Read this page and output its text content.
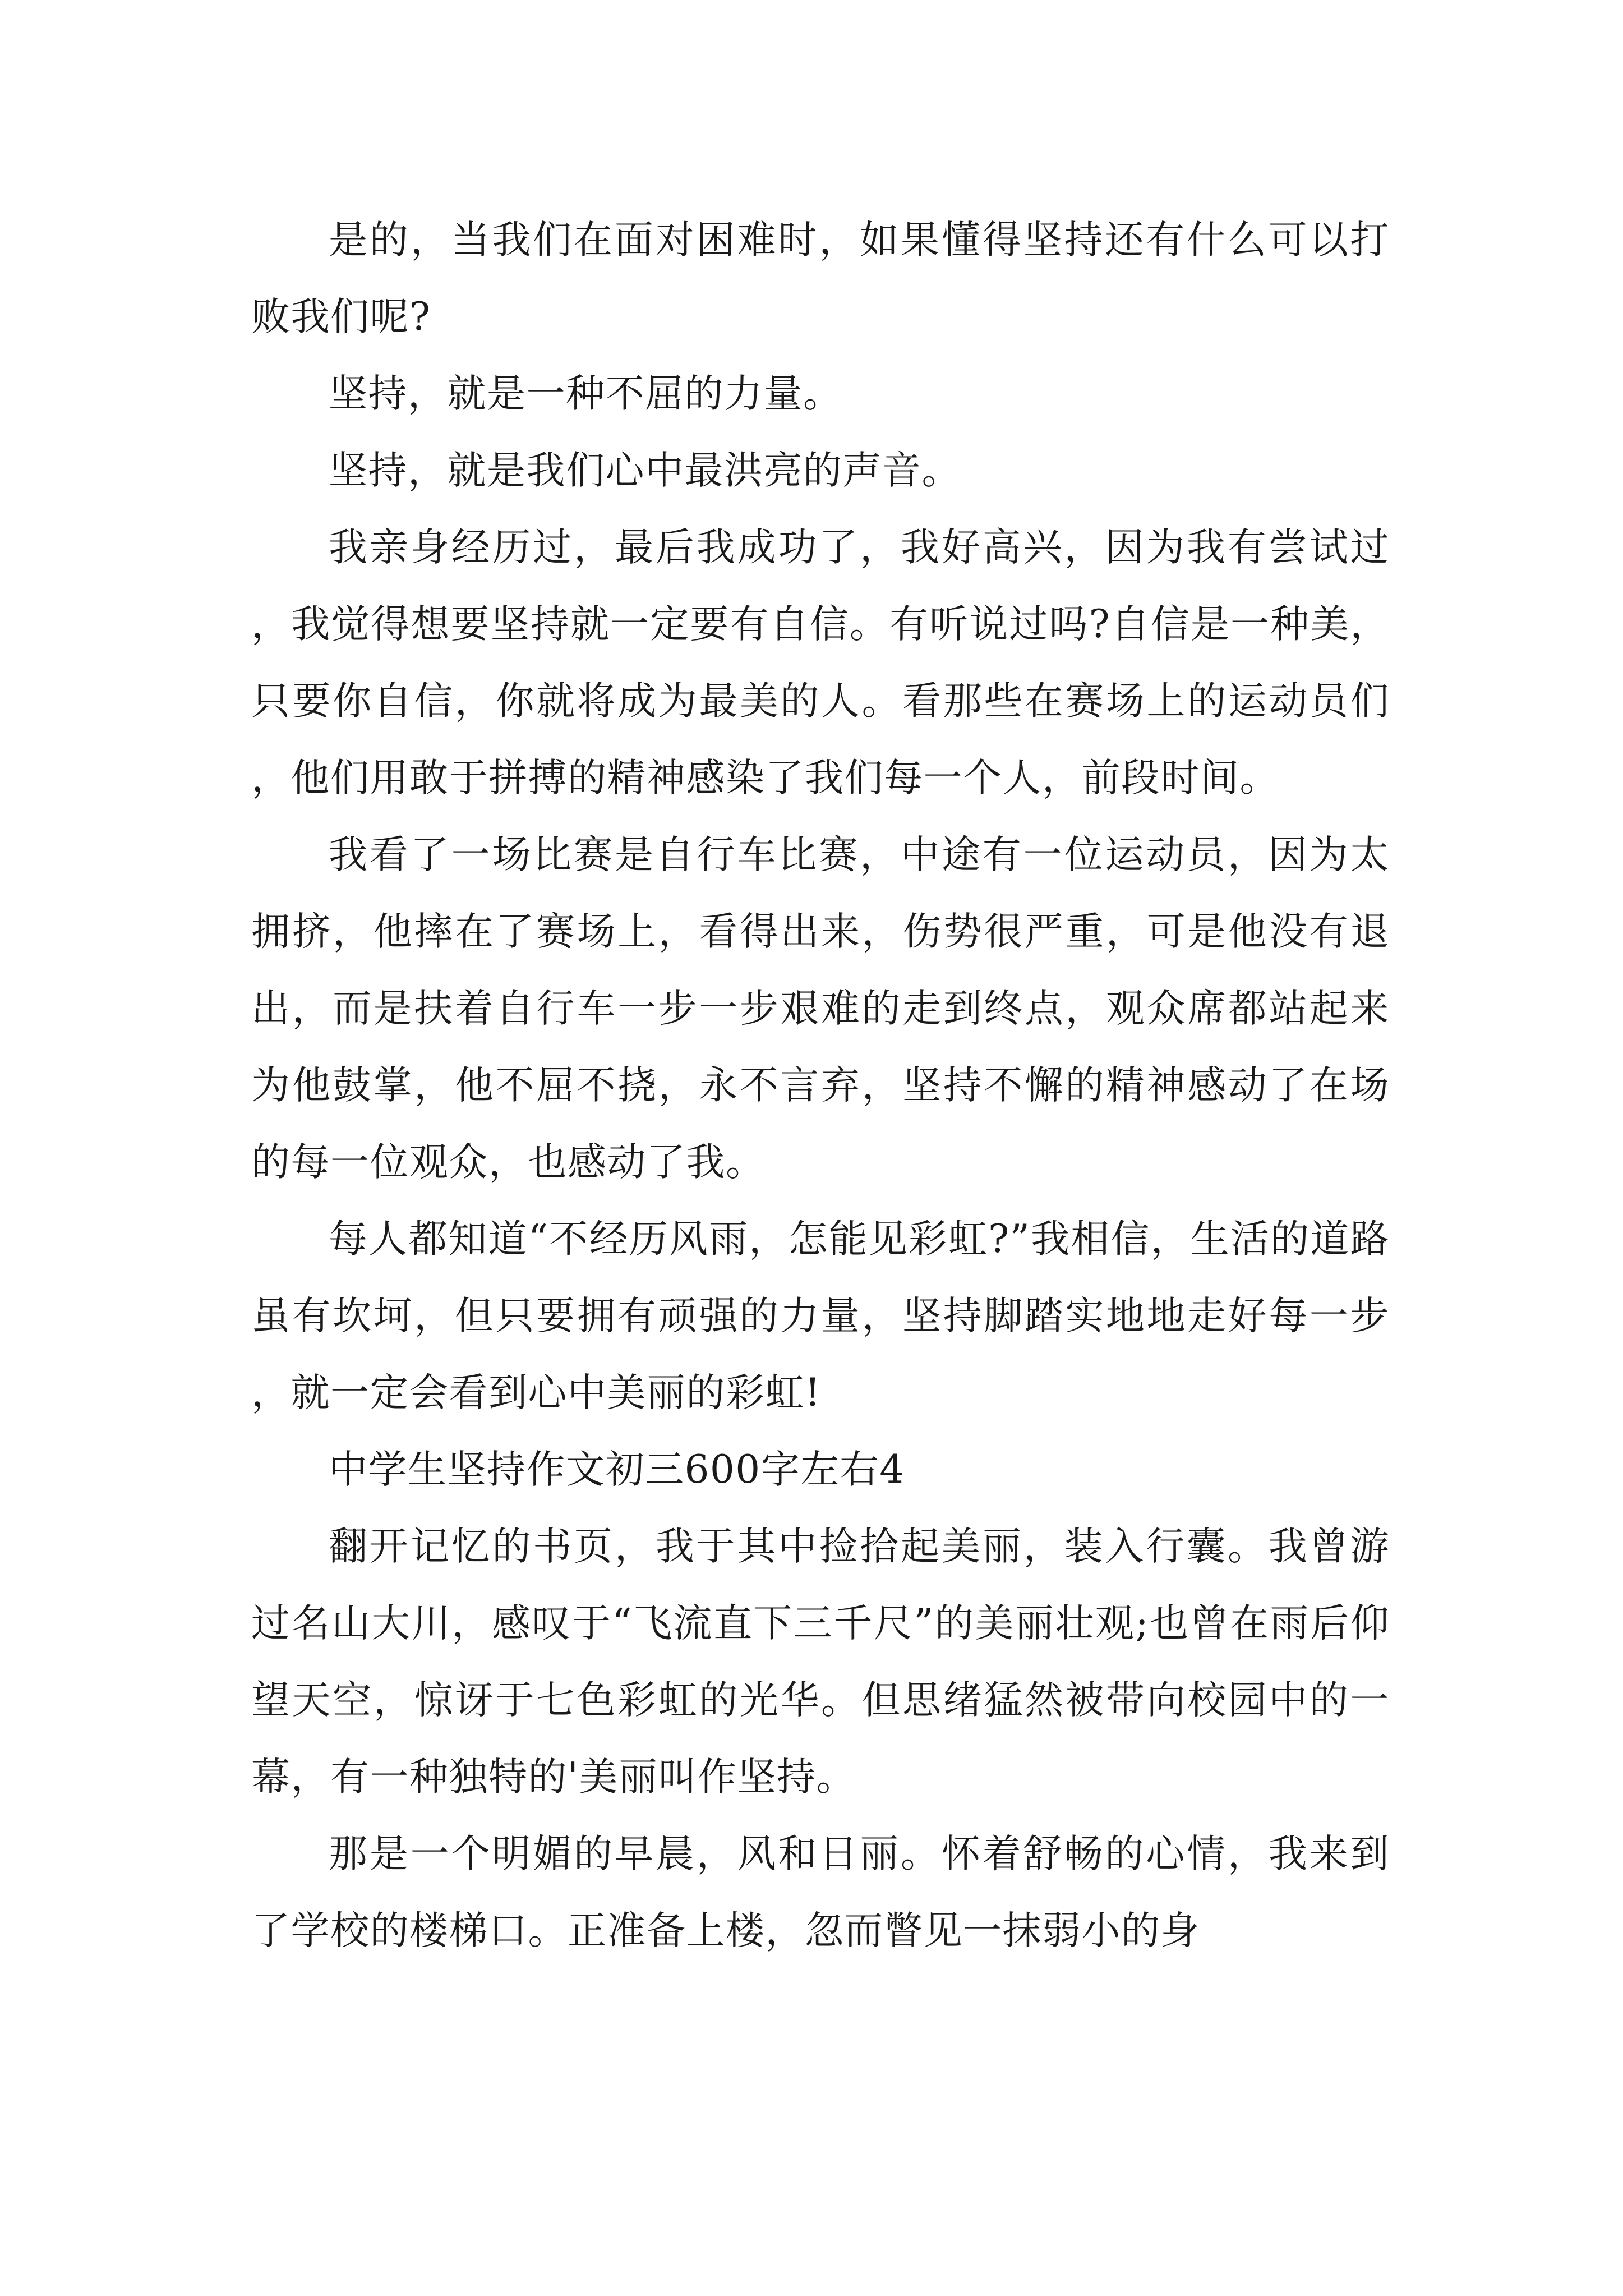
是的，当我们在面对困难时，如果懂得坚持还有什么可以打败我们呢?

坚持，就是一种不屈的力量。

坚持，就是我们心中最洪亮的声音。

我亲身经历过，最后我成功了，我好高兴，因为我有尝试过，我觉得想要坚持就一定要有自信。有听说过吗?自信是一种美，只要你自信，你就将成为最美的人。看那些在赛场上的运动员们，他们用敢于拼搏的精神感染了我们每一个人，前段时间。

我看了一场比赛是自行车比赛，中途有一位运动员，因为太拥挤，他摔在了赛场上，看得出来，伤势很严重，可是他没有退出，而是扶着自行车一步一步艰难的走到终点，观众席都站起来为他鼓掌，他不屈不挠，永不言弃，坚持不懈的精神感动了在场的每一位观众，也感动了我。

每人都知道“不经历风雨，怎能见彩虹?”我相信，生活的道路虽有坎坷，但只要拥有顽强的力量，坚持脚踏实地地走好每一步，就一定会看到心中美丽的彩虹!

中学生坚持作文初三600字左右4

翻开记忆的书页，我于其中捡拾起美丽，装入行囊。我曾游过名山大川，感叹于“飞流直下三千尺”的美丽壮观;也曾在雨后仰望天空，惊讶于七色彩虹的光华。但思绪猛然被带向校园中的一幕，有一种独特的'美丽叫作坚持。

那是一个明媚的早晨，风和日丽。怀着舒畅的心情，我来到了学校的楼梯口。正准备上楼，忽而瞥见一抹弱小的身
